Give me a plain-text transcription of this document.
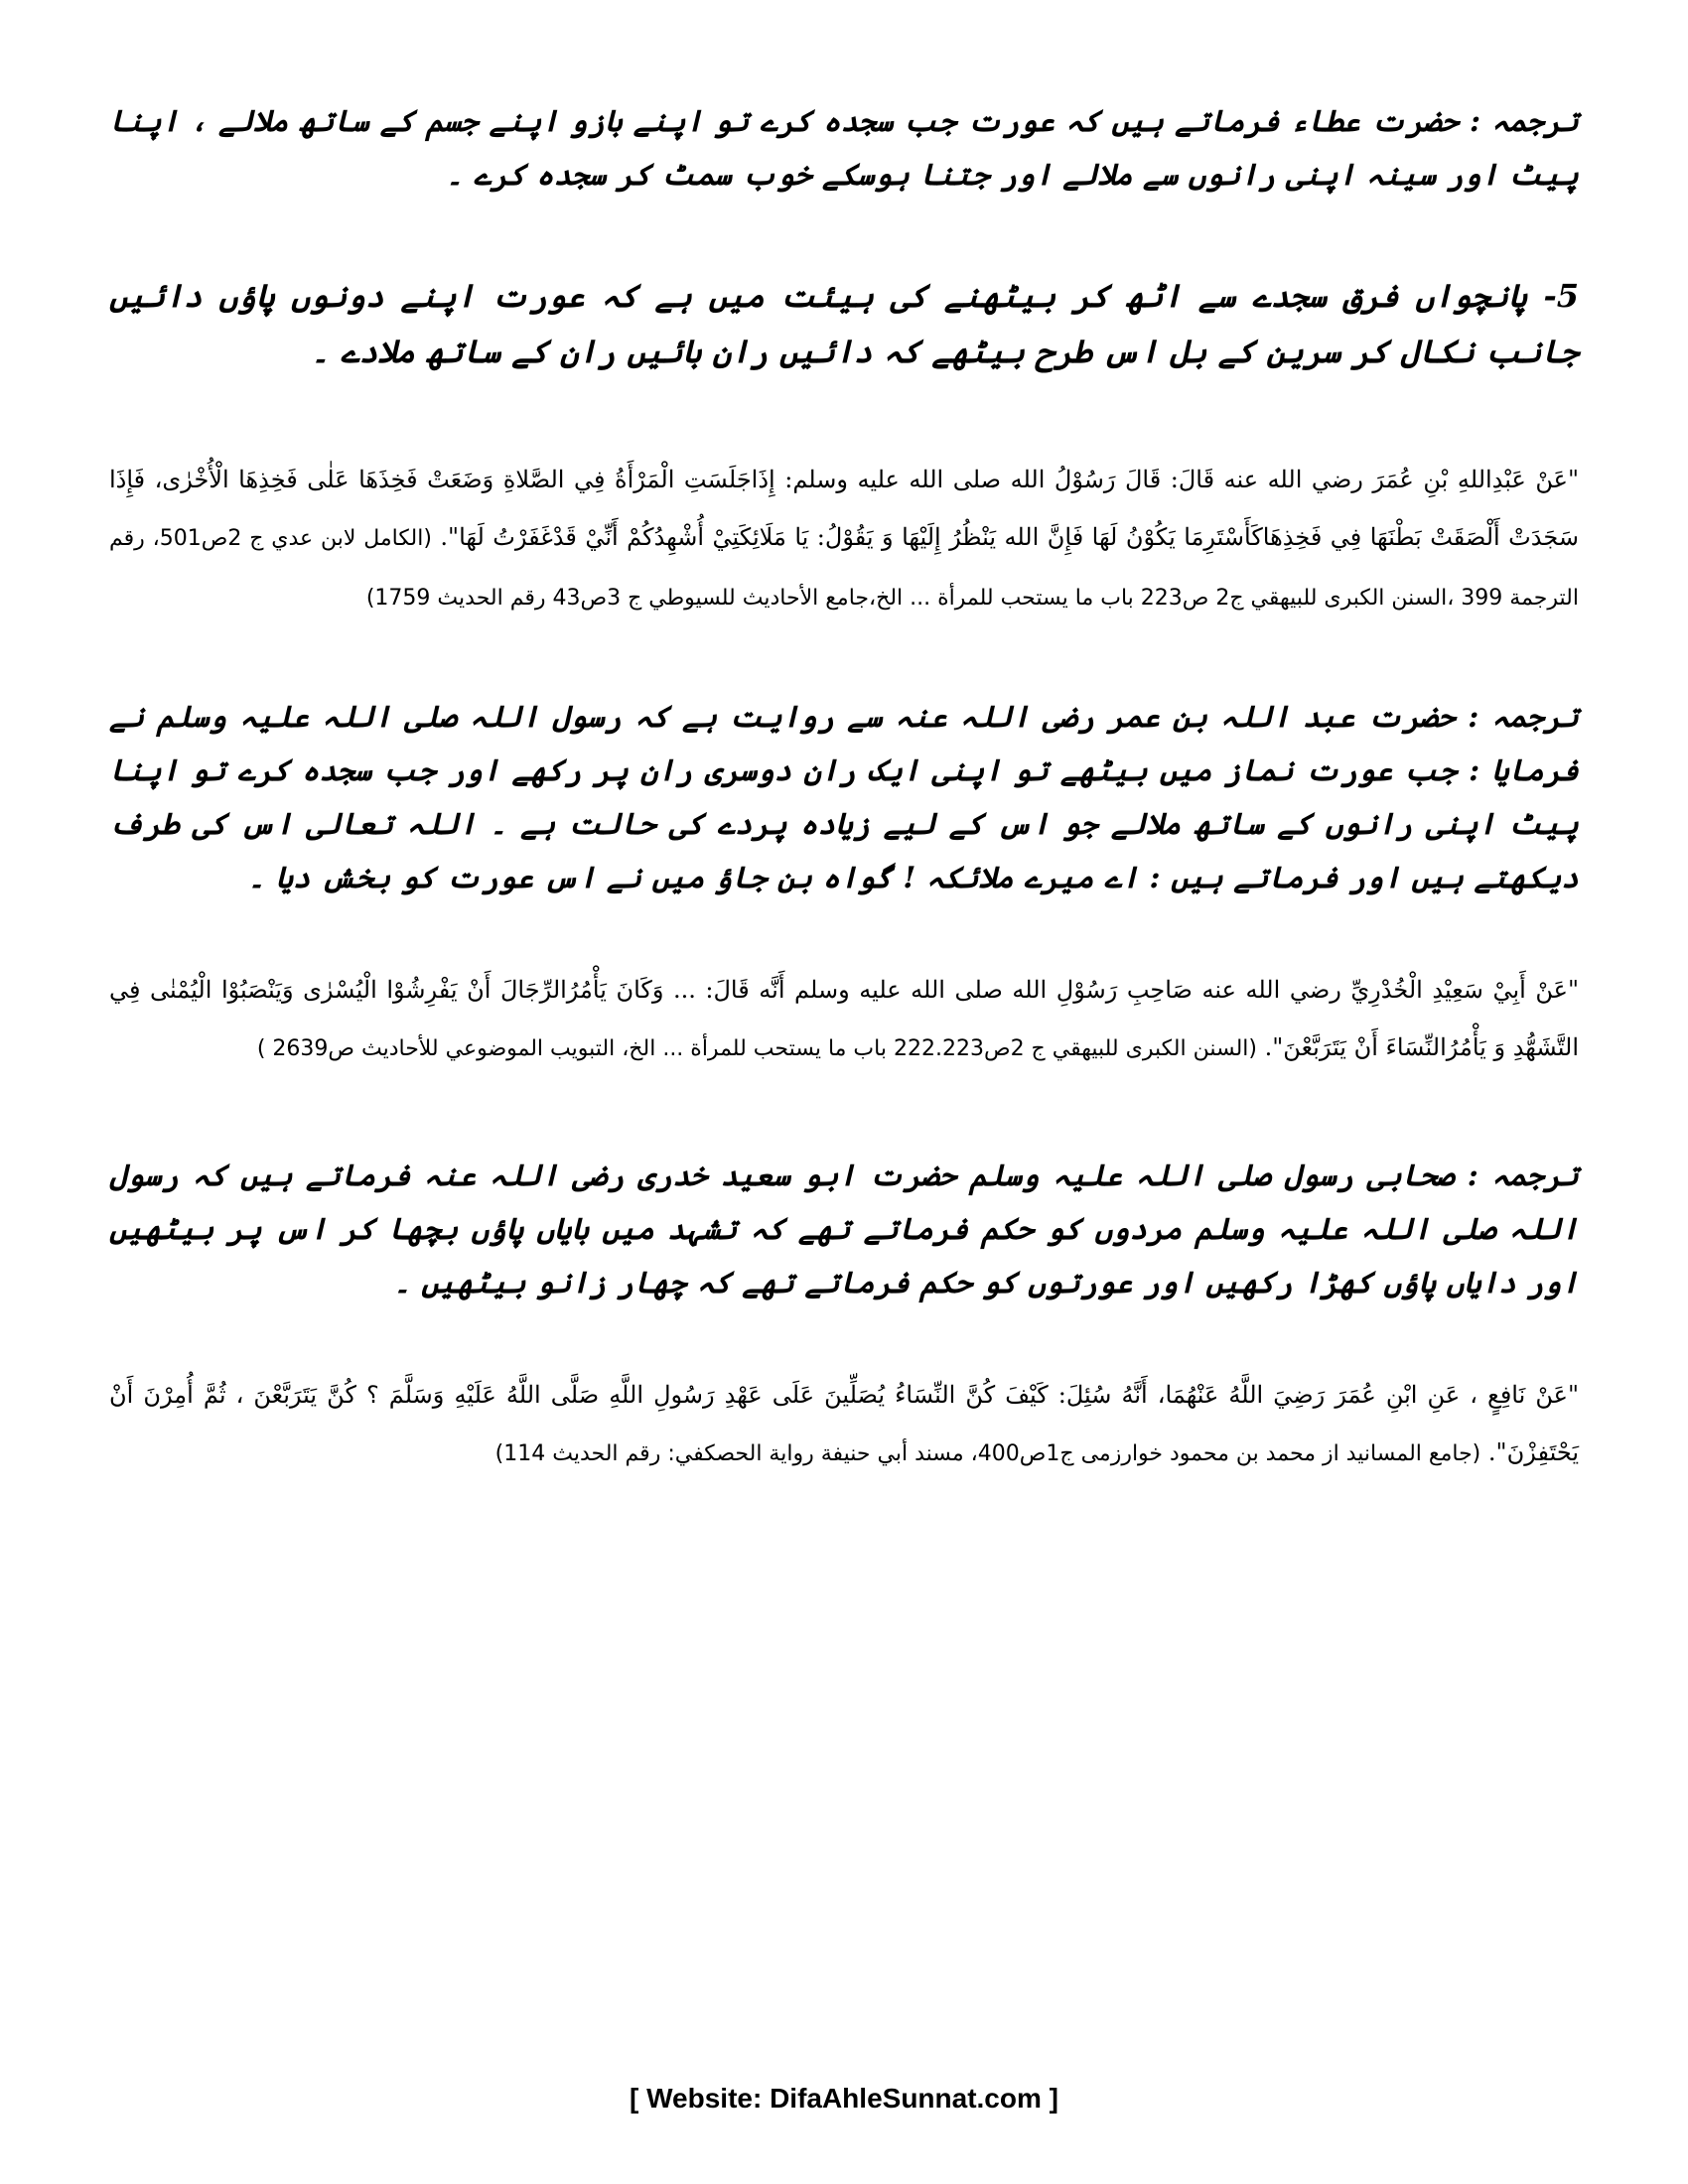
ترجمہ : حضرت عطاء فرماتے ہیں کہ عورت جب سجدہ کرے تو اپنے بازو اپنے جسم کے ساتھ ملالے ، اپنا پیٹ اور سینہ اپنی رانوں سے ملالے اور جتنا ہوسکے خوب سمٹ کر سجدہ کرے ۔

5- پانچواں فرق سجدے سے اٹھ کر بیٹھنے کی ہیئت میں ہے کہ عورت اپنے دونوں پاؤں دائیں جانب نکال کر سرین کے بل اس طرح بیٹھے کہ دائیں ران بائیں ران کے ساتھ ملادے ۔

"عَنْ عَبْدِاللهِ بْنِ عُمَرَ رضي الله عنه قَالَ: قَالَ رَسُوْلُ الله صلى الله عليه وسلم: إِذَاجَلَسَتِ الْمَرْأَةُ فِي الصَّلاةِ وَضَعَتْ فَخِذَهَا عَلٰى فَخِذِهَا الْأُخْرٰى، فَإِذَا سَجَدَتْ أَلْصَقَتْ بَطْنَهَا فِي فَخِذِهَاكَأَسْتَرِمَا يَكُوْنُ لَهَا فَإِنَّ الله يَنْظُرُ إِلَيْهَا وَ يَقُوْلُ: يَا مَلَائِكَتِيْ أُشْهِدُكُمْ أَنِّيْ قَدْغَفَرْتُ لَهَا". (الكامل لابن عدي ج 2ص501، رقم الترجمة 399 ،السنن الكبرى للبيهقي ج2 ص223 باب ما يستحب للمرأة ... الخ،جامع الأحاديث للسيوطي ج 3ص43 رقم الحديث 1759)

ترجمہ : حضرت عبد اللہ بن عمر رضی اللہ عنہ سے روایت ہے کہ رسول اللہ صلی اللہ علیہ وسلم نے فرمایا : جب عورت نماز میں بیٹھے تو اپنی ایک ران دوسری ران پر رکھے اور جب سجدہ کرے تو اپنا پیٹ اپنی رانوں کے ساتھ ملالے جو اس کے لیے زیادہ پردے کی حالت ہے ۔ اللہ تعالی اس کی طرف دیکھتے ہیں اور فرماتے ہیں : اے میرے ملائکہ ! گواہ بن جاؤ میں نے اس عورت کو بخش دیا ۔

"عَنْ أَبِيْ سَعِيْدِ الْخُدْرِيِّ رضي الله عنه صَاحِبِ رَسُوْلِ الله صلى الله عليه وسلم أَنَّه قَالَ: ... وَكَانَ يَأْمُرُالرِّجَالَ أَنْ يَفْرِشُوْا الْيُسْرٰى وَيَنْصَبُوْا الْيُمْنٰى فِي التَّشَهُّدِ وَ يَأْمُرُالنِّسَاءَ أَنْ يَتَرَبَّعْنَ". (السنن الكبرى للبيهقي ج 2ص222.223 باب ما يستحب للمرأة ... الخ، التبويب الموضوعي للأحاديث ص2639 )

ترجمہ : صحابی رسول صلی اللہ علیہ وسلم حضرت ابو سعید خدری رضی اللہ عنہ فرماتے ہیں کہ رسول اللہ صلی اللہ علیہ وسلم مردوں کو حکم فرماتے تھے کہ تشہد میں بایاں پاؤں بچھا کر اس پر بیٹھیں اور دایاں پاؤں کھڑا رکھیں اور عورتوں کو حکم فرماتے تھے کہ چھار زانو بیٹھیں ۔

"عَنْ نَافِعٍ ، عَنِ ابْنِ عُمَرَ رَضِيَ اللَّهُ عَنْهُمَا، أَنَّهُ سُئِلَ: كَيْفَ كُنَّ النِّسَاءُ يُصَلِّينَ عَلَى عَهْدِ رَسُولِ اللَّهِ صَلَّى اللَّهُ عَلَيْهِ وَسَلَّمَ ؟ كُنَّ يَتَرَبَّعْنَ ، ثُمَّ أُمِرْنَ أَنْ يَحْتَفِزْنَ". (جامع المسانيد از محمد بن محمود خوارزمى ج1ص400، مسند أبي حنيفة رواية الحصكفي: رقم الحديث 114)

[ Website: DifaAhleSunnat.com ]
